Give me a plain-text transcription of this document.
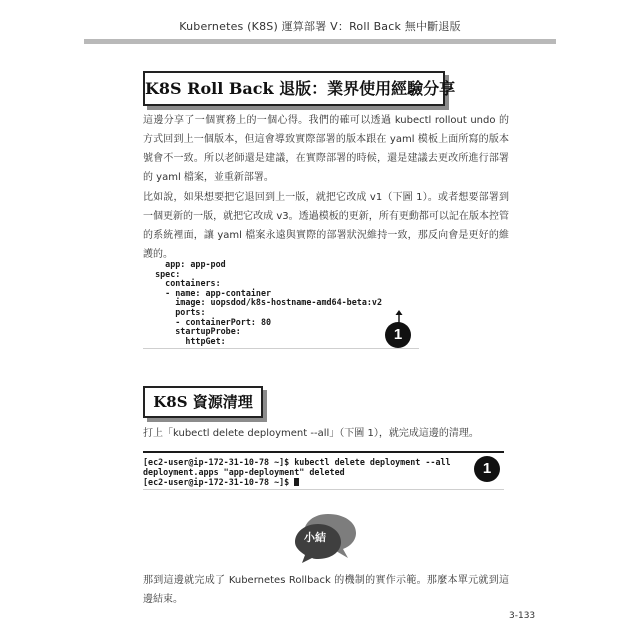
Kubernetes (K8S) 運算部署 V：Roll Back 無中斷退版
K8S Roll Back 退版：業界使用經驗分享

這邊分享了一個實務上的一個心得。我們的確可以透過 kubectl rollout undo 的方式回到上一個版本，但這會導致實際部署的版本跟在 yaml 模板上面所寫的版本號會不一致。所以老師還是建議，在實際部署的時候，還是建議去更改所進行部署的 yaml 檔案，並重新部署。

比如說，如果想要把它退回到上一版，就把它改成 v1（下圖 1）。或者想要部署到一個更新的一版，就把它改成 v3。透過模板的更新，所有更動都可以記在版本控管的系統裡面，讓 yaml 檔案永遠與實際的部署狀況維持一致，那反向會是更好的維護的。

app: app-pod
spec:
containers:
- name: app-container
image: uopsdod/k8s-hostname-amd64-beta:v2
ports:
- containerPort: 80
startupProbe:
httpGet:	1
K8S 資源清理

打上「kubectl delete deployment --all」（下圖 1），就完成這邊的清理。

[ec2-user@ip-172-31-10-78 ~]$ kubectl delete deployment --all
deployment.apps "app-deployment" deleted
[ec2-user@ip-172-31-10-78 ~]$
1
小結

那到這邊就完成了 Kubernetes Rollback 的機制的實作示範。那麼本單元就到這邊結束。

3-133
